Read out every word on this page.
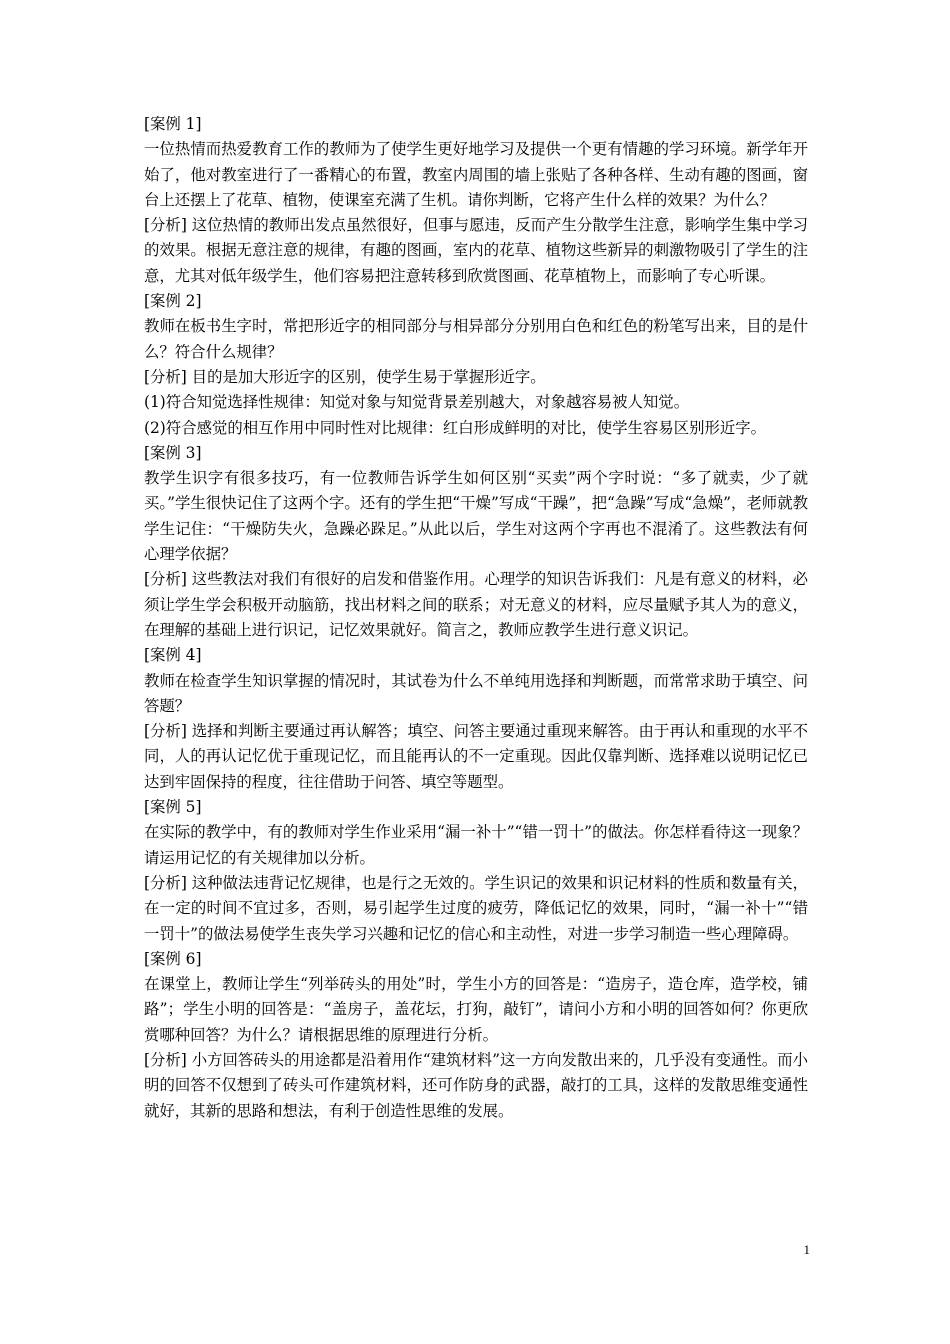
[案例 1]

一位热情而热爱教育工作的教师为了使学生更好地学习及提供一个更有情趣的学习环境。新学年开始了，他对教室进行了一番精心的布置，教室内周围的墙上张贴了各种各样、生动有趣的图画，窗台上还摆上了花草、植物，使课室充满了生机。请你判断，它将产生什么样的效果？为什么？

[分析] 这位热情的教师出发点虽然很好，但事与愿违，反而产生分散学生注意，影响学生集中学习的效果。根据无意注意的规律，有趣的图画，室内的花草、植物这些新异的刺激物吸引了学生的注意，尤其对低年级学生，他们容易把注意转移到欣赏图画、花草植物上，而影响了专心听课。

[案例 2]

教师在板书生字时，常把形近字的相同部分与相异部分分别用白色和红色的粉笔写出来，目的是什么？符合什么规律？

[分析] 目的是加大形近字的区别，使学生易于掌握形近字。

(1)符合知觉选择性规律：知觉对象与知觉背景差别越大，对象越容易被人知觉。

(2)符合感觉的相互作用中同时性对比规律：红白形成鲜明的对比，使学生容易区别形近字。

[案例 3]

教学生识字有很多技巧，有一位教师告诉学生如何区别“买卖”两个字时说：“多了就卖，少了就买。”学生很快记住了这两个字。还有的学生把“干燥”写成“干躁”，把“急躁”写成“急燥”，老师就教学生记住：“干燥防失火，急躁必跺足。”从此以后，学生对这两个字再也不混淆了。这些教法有何心理学依据？

[分析] 这些教法对我们有很好的启发和借鉴作用。心理学的知识告诉我们：凡是有意义的材料，必须让学生学会积极开动脑筋，找出材料之间的联系；对无意义的材料，应尽量赋予其人为的意义，在理解的基础上进行识记，记忆效果就好。简言之，教师应教学生进行意义识记。

[案例 4]

教师在检查学生知识掌握的情况时，其试卷为什么不单纯用选择和判断题，而常常求助于填空、问答题？

[分析] 选择和判断主要通过再认解答；填空、问答主要通过重现来解答。由于再认和重现的水平不同，人的再认记忆优于重现记忆，而且能再认的不一定重现。因此仅靠判断、选择难以说明记忆已达到牢固保持的程度，往往借助于问答、填空等题型。

[案例 5]

在实际的教学中，有的教师对学生作业采用“漏一补十”“错一罚十”的做法。你怎样看待这一现象？请运用记忆的有关规律加以分析。

[分析] 这种做法违背记忆规律，也是行之无效的。学生识记的效果和识记材料的性质和数量有关，在一定的时间不宜过多，否则，易引起学生过度的疲劳，降低记忆的效果，同时，“漏一补十”“错一罚十”的做法易使学生丧失学习兴趣和记忆的信心和主动性，对进一步学习制造一些心理障碍。

[案例 6]

在课堂上，教师让学生“列举砖头的用处”时，学生小方的回答是：“造房子，造仓库，造学校，铺路”；学生小明的回答是：“盖房子，盖花坛，打狗，敲钉”，请问小方和小明的回答如何？你更欣赏哪种回答？为什么？请根据思维的原理进行分析。

[分析] 小方回答砖头的用途都是沿着用作“建筑材料”这一方向发散出来的，几乎没有变通性。而小明的回答不仅想到了砖头可作建筑材料，还可作防身的武器，敲打的工具，这样的发散思维变通性就好，其新的思路和想法，有利于创造性思维的发展。

1
